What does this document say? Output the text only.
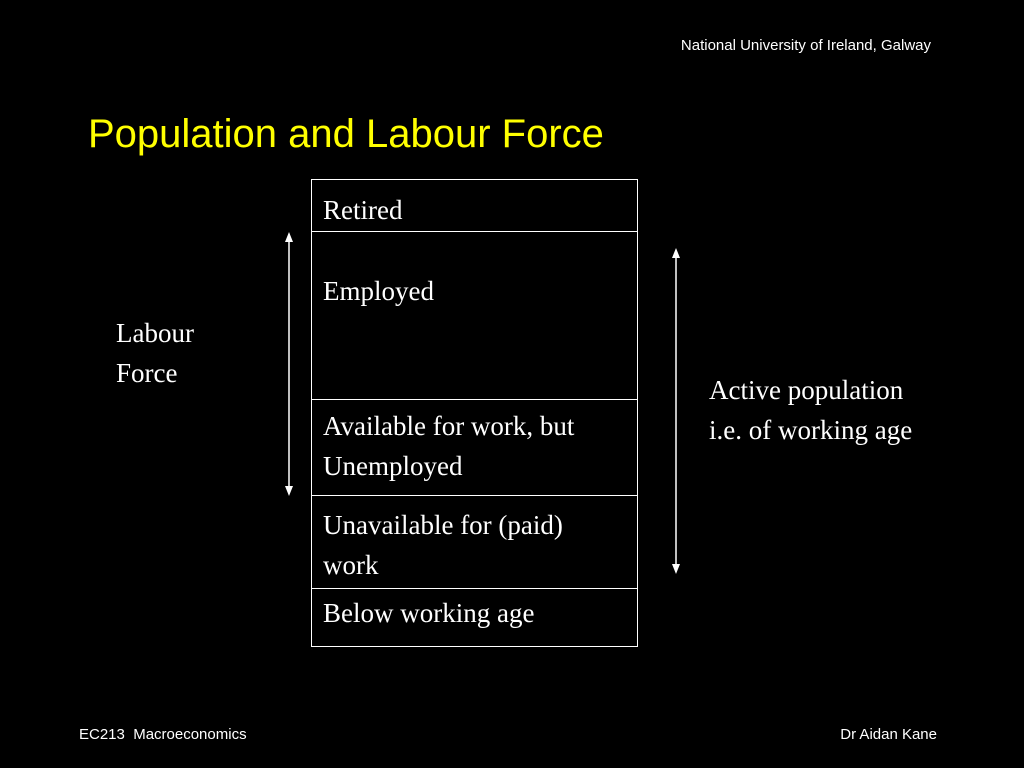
National University of Ireland, Galway
Population and Labour Force
Labour
Force
Retired
Employed
Available for work, but
Unemployed
Unavailable for (paid)
work
Below working age
Active population
i.e. of working age
EC213  Macroeconomics	Dr Aidan Kane
